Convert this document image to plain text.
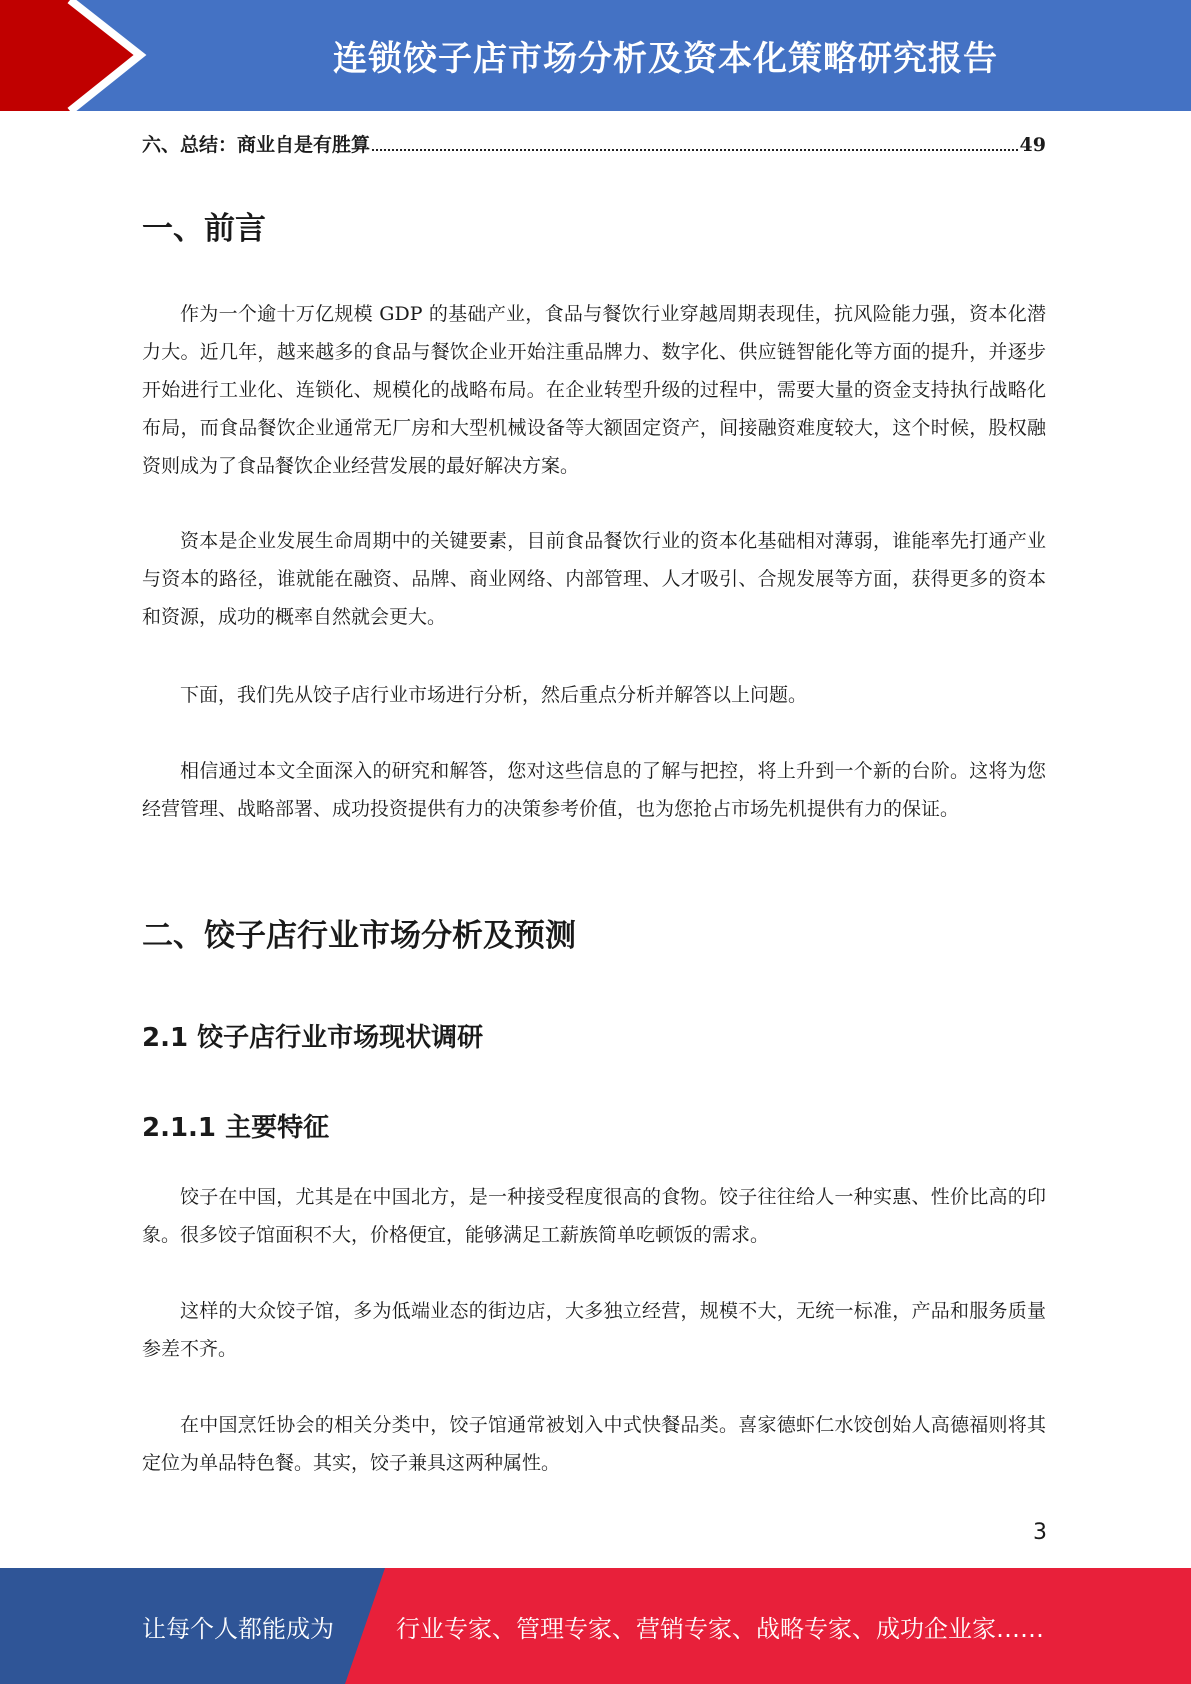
连锁饺子店市场分析及资本化策略研究报告
六、总结：商业自是有胜算	49
一、前言

作为一个逾十万亿规模 GDP 的基础产业，食品与餐饮行业穿越周期表现佳，抗风险能力强，资本化潜力大。近几年，越来越多的食品与餐饮企业开始注重品牌力、数字化、供应链智能化等方面的提升，并逐步开始进行工业化、连锁化、规模化的战略布局。在企业转型升级的过程中，需要大量的资金支持执行战略化布局，而食品餐饮企业通常无厂房和大型机械设备等大额固定资产，间接融资难度较大，这个时候，股权融资则成为了食品餐饮企业经营发展的最好解决方案。

资本是企业发展生命周期中的关键要素，目前食品餐饮行业的资本化基础相对薄弱，谁能率先打通产业与资本的路径，谁就能在融资、品牌、商业网络、内部管理、人才吸引、合规发展等方面，获得更多的资本和资源，成功的概率自然就会更大。

下面，我们先从饺子店行业市场进行分析，然后重点分析并解答以上问题。

相信通过本文全面深入的研究和解答，您对这些信息的了解与把控，将上升到一个新的台阶。这将为您经营管理、战略部署、成功投资提供有力的决策参考价值，也为您抢占市场先机提供有力的保证。

二、饺子店行业市场分析及预测
2.1 饺子店行业市场现状调研
2.1.1 主要特征

饺子在中国，尤其是在中国北方，是一种接受程度很高的食物。饺子往往给人一种实惠、性价比高的印象。很多饺子馆面积不大，价格便宜，能够满足工薪族简单吃顿饭的需求。

这样的大众饺子馆，多为低端业态的街边店，大多独立经营，规模不大，无统一标准，产品和服务质量参差不齐。

在中国烹饪协会的相关分类中，饺子馆通常被划入中式快餐品类。喜家德虾仁水饺创始人高德福则将其定位为单品特色餐。其实，饺子兼具这两种属性。

3
让每个人都能成为	行业专家、管理专家、营销专家、战略专家、成功企业家……
